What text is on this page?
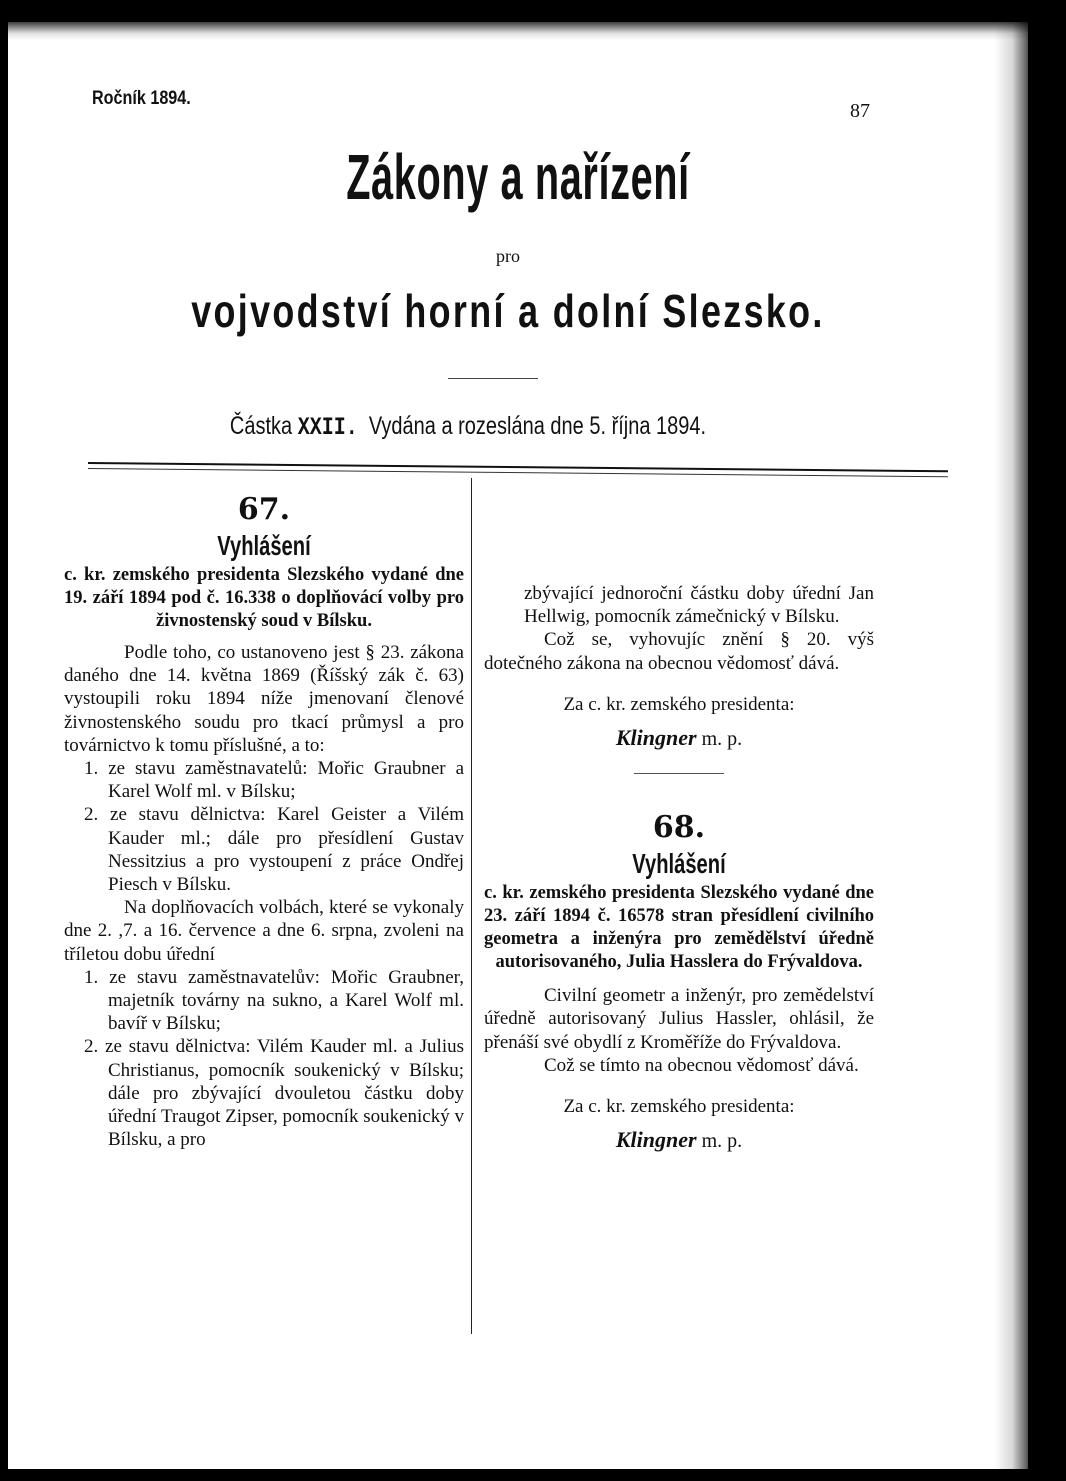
Ročník 1894.
87
Zákony a nařízení
pro
vojvodství horní a dolní Slezsko.
Částka XXII. Vydána a rozeslána dne 5. října 1894.
67.
Vyhlášení

c. kr. zemského presidenta Slezského vydané dne 19. září 1894 pod č. 16.338 o doplňovácí volby pro živnostenský soud v Bílsku.

Podle toho, co ustanoveno jest § 23. zákona daného dne 14. května 1869 (Říšský zák č. 63) vystoupili roku 1894 níže jmenovaní členové živnostenského soudu pro tkací průmysl a pro továrnictvo k tomu příslušné, a to:

1. ze stavu zaměstnavatelů: Mořic Graubner a Karel Wolf ml. v Bílsku;

2. ze stavu dělnictva: Karel Geister a Vilém Kauder ml.; dále pro přesídlení Gustav Nessitzius a pro vystoupení z práce Ondřej Piesch v Bílsku.

Na doplňovacích volbách, které se vykonaly dne 2. ,7. a 16. července a dne 6. srpna, zvoleni na tříletou dobu úřední

1. ze stavu zaměstnavatelův: Mořic Graubner, majetník továrny na sukno, a Karel Wolf ml. bavíř v Bílsku;

2. ze stavu dělnictva: Vilém Kauder ml. a Julius Christianus, pomocník soukenický v Bílsku; dále pro zbývající dvouletou částku doby úřední Traugot Zipser, pomocník soukenický v Bílsku, a pro

zbývající jednoroční částku doby úřední Jan Hellwig, pomocník zámečnický v Bílsku.

Což se, vyhovujíc znění § 20. výš dotečného zákona na obecnou vědomosť dává.

Za c. kr. zemského presidenta:

Klingner m. p.

68.
Vyhlášení

c. kr. zemského presidenta Slezského vydané dne 23. září 1894 č. 16578 stran přesídlení civilního geometra a inženýra pro zemědělství úředně autorisovaného, Julia Hasslera do Frývaldova.

Civilní geometr a inženýr, pro zemědelství úředně autorisovaný Julius Hassler, ohlásil, že přenáší své obydlí z Kroměříže do Frývaldova.

Což se tímto na obecnou vědomosť dává.

Za c. kr. zemského presidenta:

Klingner m. p.
